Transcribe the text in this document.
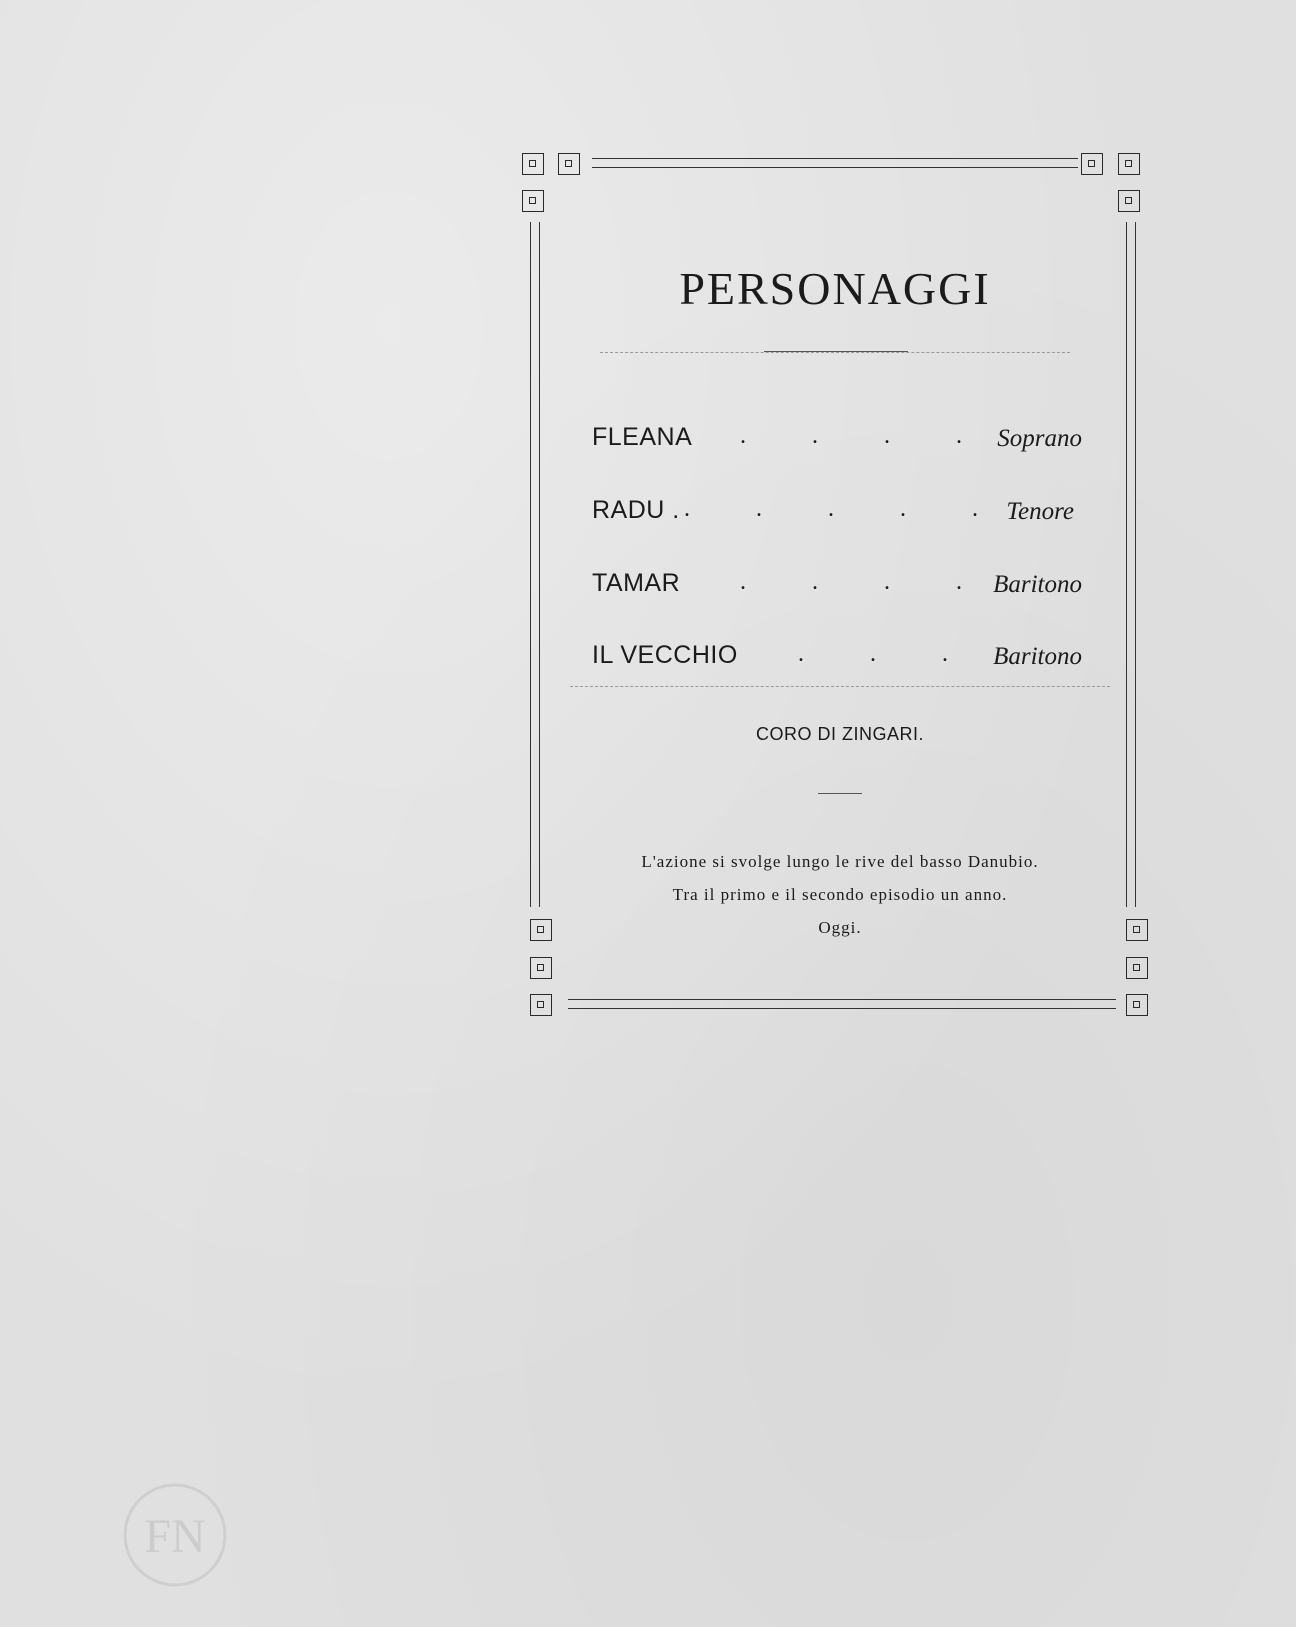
PERSONAGGI
FLEANA . . . . Soprano
RADU . . . . . .
Tenore
TAMAR . . . . Baritono
IL VECCHIO	. . . Baritono
CORO DI ZINGARI.
L'azione si svolge lungo le rive del basso Danubio.
Tra il primo e il secondo episodio un anno.
Oggi.
FN
